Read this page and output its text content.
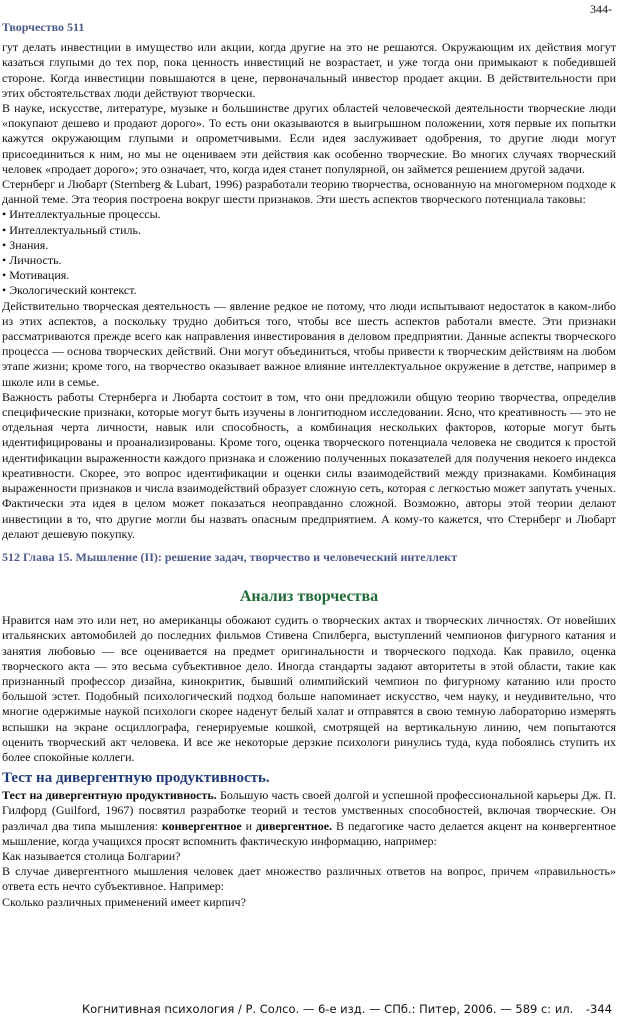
344-
Творчество 511

гут делать инвестиции в имущество или акции, когда другие на это не решаются. Окружающим их действия могут казаться глупыми до тех пор, пока ценность инвестиций не возрастает, и уже тогда они примыкают к победившей стороне. Когда инвестиции повышаются в цене, первоначальный инвестор продает акции. В действительности при этих обстоятельствах люди действуют творчески.

В науке, искусстве, литературе, музыке и большинстве других областей человеческой деятельности творческие люди «покупают дешево и продают дорого». То есть они оказываются в выигрышном положении, хотя первые их попытки кажутся окружающим глупыми и опрометчивыми. Если идея заслуживает одобрения, то другие люди могут присоединиться к ним, но мы не оцениваем эти действия как особенно творческие. Во многих случаях творческий человек «продает дорого»; это означает, что, когда идея станет популярной, он займется решением другой задачи.

Стернберг и Любарт (Sternberg & Lubart, 1996) разработали теорию творчества, основанную на многомерном подходе к данной теме. Эта теория построена вокруг шести признаков. Эти шесть аспектов творческого потенциала таковы:

• Интеллектуальные процессы.
• Интеллектуальный стиль.
• Знания.
• Личность.
• Мотивация.
• Экологический контекст.

Действительно творческая деятельность — явление редкое не потому, что люди испытывают недостаток в каком-либо из этих аспектов, а поскольку трудно добиться того, чтобы все шесть аспектов работали вместе. Эти признаки рассматриваются прежде всего как направления инвестирования в деловом предприятии. Данные аспекты творческого процесса — основа творческих действий. Они могут объединиться, чтобы привести к творческим действиям на любом этапе жизни; кроме того, на творчество оказывает важное влияние интеллектуальное окружение в детстве, например в школе или в семье.

Важность работы Стернберга и Любарта состоит в том, что они предложили общую теорию творчества, определив специфические признаки, которые могут быть изучены в лонгитюдном исследовании. Ясно, что креативность — это не отдельная черта личности, навык или способность, а комбинация нескольких факторов, которые могут быть идентифицированы и проанализированы. Кроме того, оценка творческого потенциала человека не сводится к простой идентификации выраженности каждого признака и сложению полученных показателей для получения некоего индекса креативности. Скорее, это вопрос идентификации и оценки силы взаимодействий между признаками. Комбинация выраженности признаков и числа взаимодействий образует сложную сеть, которая с легкостью может запутать ученых. Фактически эта идея в целом может показаться неоправданно сложной. Возможно, авторы этой теории делают инвестиции в то, что другие могли бы назвать опасным предприятием. А кому-то кажется, что Стернберг и Любарт делают дешевую покупку.

512 Глава 15. Мышление (II): решение задач, творчество и человеческий интеллект
Анализ творчества

Нравится нам это или нет, но американцы обожают судить о творческих актах и творческих личностях. От новейших итальянских автомобилей до последних фильмов Стивена Спилберга, выступлений чемпионов фигурного катания и занятия любовью — все оценивается на предмет оригинальности и творческого подхода. Как правило, оценка творческого акта — это весьма субъективное дело. Иногда стандарты задают авторитеты в этой области, такие как признанный профессор дизайна, кинокритик, бывший олимпийский чемпион по фигурному катанию или просто большой эстет. Подобный психологический подход больше напоминает искусство, чем науку, и неудивительно, что многие одержимые наукой психологи скорее наденут белый халат и отправятся в свою темную лабораторию измерять вспышки на экране осциллографа, генерируемые кошкой, смотрящей на вертикальную линию, чем попытаются оценить творческий акт человека. И все же некоторые дерзкие психологи ринулись туда, куда побоялись ступить их более спокойные коллеги.

Тест на дивергентную продуктивность.

Тест на дивергентную продуктивность. Большую часть своей долгой и успешной профессиональной карьеры Дж. П. Гилфорд (Guilford, 1967) посвятил разработке теорий и тестов умственных способностей, включая творческие. Он различал два типа мышления: конвергентное и дивергентное. В педагогике часто делается акцент на конвергентное мышление, когда учащихся просят вспомнить фактическую информацию, например:

Как называется столица Болгарии?

В случае дивергентного мышления человек дает множество различных ответов на вопрос, причем «правильность» ответа есть нечто субъективное. Например:

Сколько различных применений имеет кирпич?

Когнитивная психология / Р. Солсо. — 6-е изд. — СПб.: Питер, 2006. — 589 с: ил. -344
